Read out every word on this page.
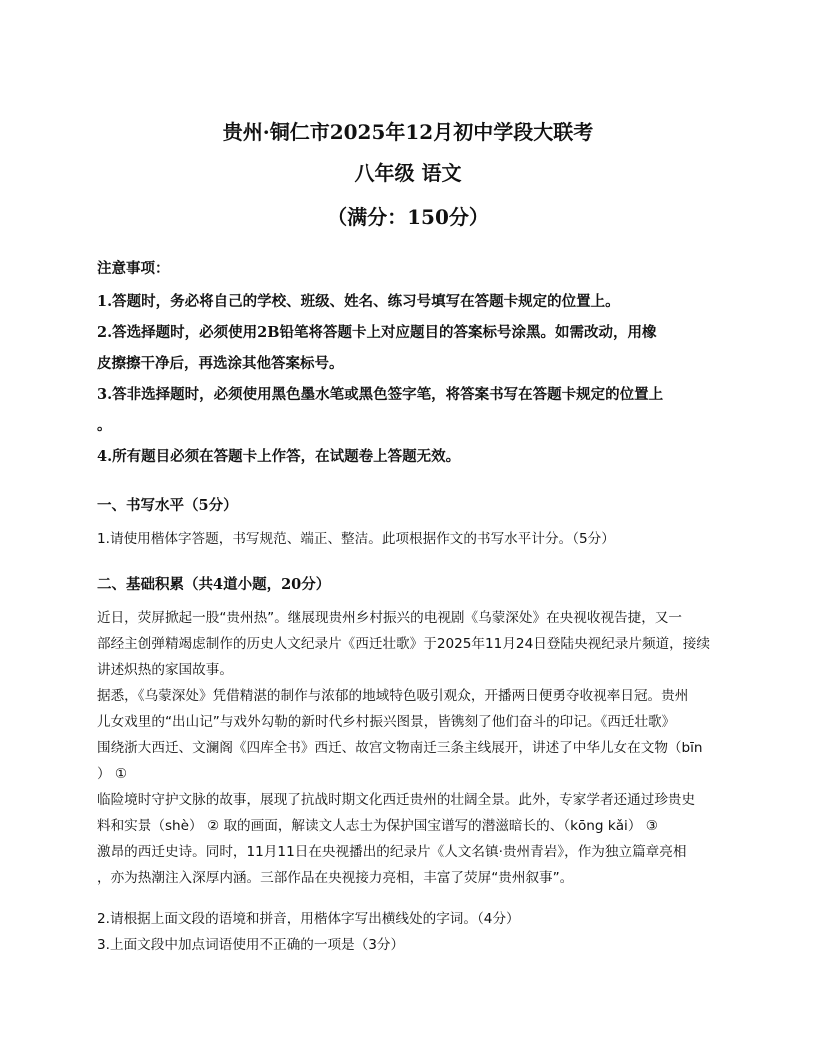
贵州·铜仁市2025年12月初中学段大联考
八年级 语文
（满分：150分）
注意事项：

1.答题时，务必将自己的学校、班级、姓名、练习号填写在答题卡规定的位置上。

2.答选择题时，必须使用2B铅笔将答题卡上对应题目的答案标号涂黑。如需改动，用橡

皮擦擦干净后，再选涂其他答案标号。

3.答非选择题时，必须使用黑色墨水笔或黑色签字笔，将答案书写在答题卡规定的位置上

。

4.所有题目必须在答题卡上作答，在试题卷上答题无效。

一、书写水平（5分）
1.请使用楷体字答题，书写规范、端正、整洁。此项根据作文的书写水平计分。（5分）
二、基础积累（共4道小题，20分）

近日，荧屏掀起一股“贵州热”。继展现贵州乡村振兴的电视剧《乌蒙深处》在央视收视告捷，又一

部经主创弹精竭虑制作的历史人文纪录片《西迁壮歌》于2025年11月24日登陆央视纪录片频道，接续

讲述炽热的家国故事。

据悉，《乌蒙深处》凭借精湛的制作与浓郁的地域特色吸引观众，开播两日便勇夺收视率日冠。贵州

儿女戏里的“出山记”与戏外勾勒的新时代乡村振兴图景，皆镌刻了他们奋斗的印记。《西迁壮歌》

围绕浙大西迁、文澜阁《四库全书》西迁、故宫文物南迁三条主线展开，讲述了中华儿女在文物（bīn

） ①

临险境时守护文脉的故事，展现了抗战时期文化西迁贵州的壮阔全景。此外，专家学者还通过珍贵史

料和实景（shè） ② 取的画面，解读文人志士为保护国宝谱写的潜滋暗长的、（kōng kǎi） ③

激昂的西迁史诗。同时，11月11日在央视播出的纪录片《人文名镇·贵州青岩》，作为独立篇章亮相

，亦为热潮注入深厚内涵。三部作品在央视接力亮相，丰富了荧屏“贵州叙事”。

2.请根据上面文段的语境和拼音，用楷体字写出横线处的字词。（4分）

3.上面文段中加点词语使用不正确的一项是（3分）
